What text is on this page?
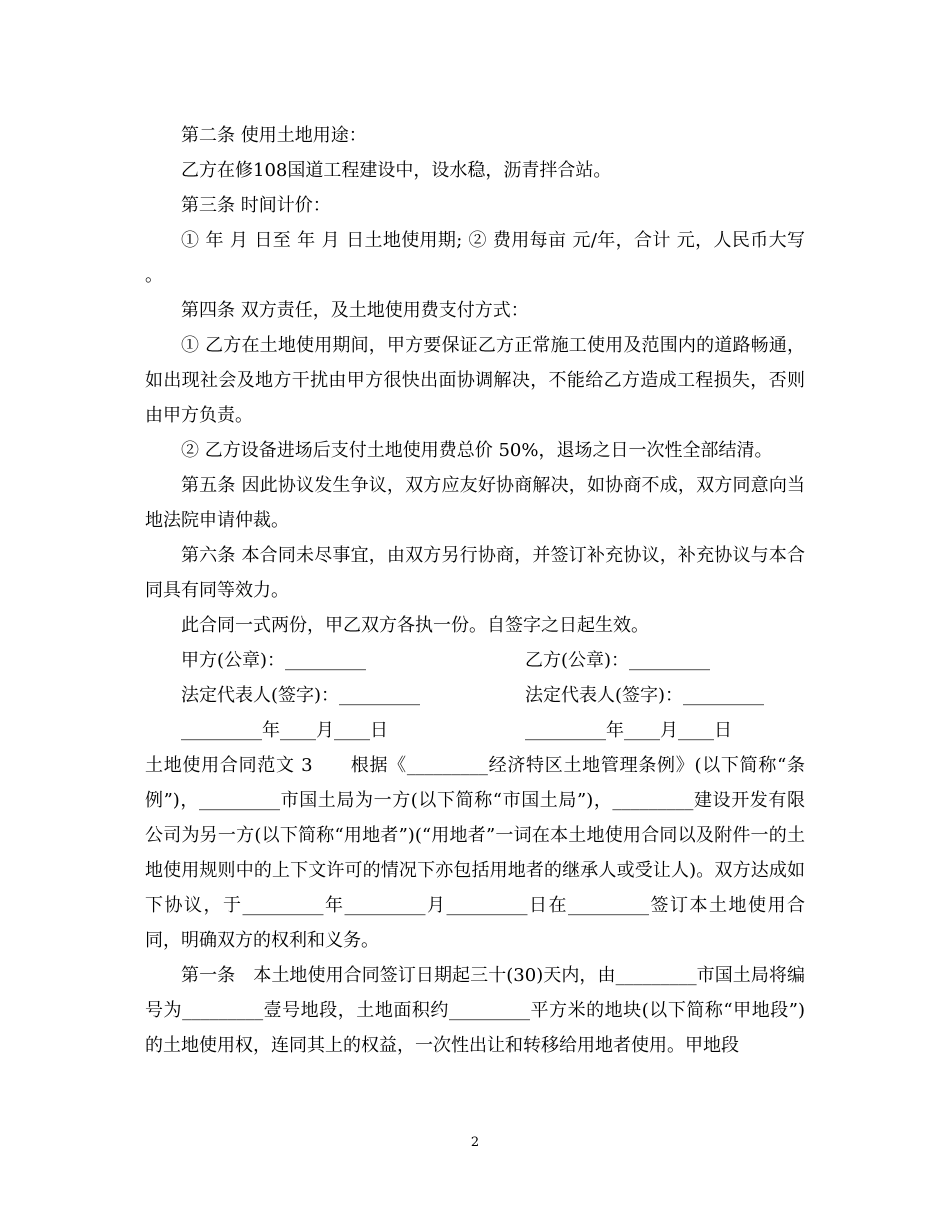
第二条 使用土地用途：

乙方在修108国道工程建设中，设水稳，沥青拌合站。

第三条 时间计价：

① 年 月 日至 年 月 日土地使用期; ② 费用每亩 元/年，合计 元，人民币大写 。

第四条 双方责任，及土地使用费支付方式：

① 乙方在土地使用期间，甲方要保证乙方正常施工使用及范围内的道路畅通，如出现社会及地方干扰由甲方很快出面协调解决，不能给乙方造成工程损失，否则由甲方负责。

② 乙方设备进场后支付土地使用费总价 50%，退场之日一次性全部结清。

第五条 因此协议发生争议，双方应友好协商解决，如协商不成，双方同意向当地法院申请仲裁。

第六条 本合同未尽事宜，由双方另行协商，并签订补充协议，补充协议与本合同具有同等效力。

此合同一式两份，甲乙双方各执一份。自签字之日起生效。

甲方(公章)：_________	乙方(公章)：_________
法定代表人(签字)：_________	法定代表人(签字)：_________
_________年____月____日	_________年____月____日

土地使用合同范文 3　　根据《_________经济特区土地管理条例》(以下简称“条例”)，_________市国土局为一方(以下简称“市国土局”)，_________建设开发有限公司为另一方(以下简称“用地者”)(“用地者”一词在本土地使用合同以及附件一的土地使用规则中的上下文许可的情况下亦包括用地者的继承人或受让人)。双方达成如下协议，于_________年_________月_________日在_________签订本土地使用合同，明确双方的权利和义务。

第一条　本土地使用合同签订日期起三十(30)天内，由_________市国土局将编号为_________壹号地段，土地面积约_________平方米的地块(以下简称“甲地段”)的土地使用权，连同其上的权益，一次性出让和转移给用地者使用。甲地段

2
